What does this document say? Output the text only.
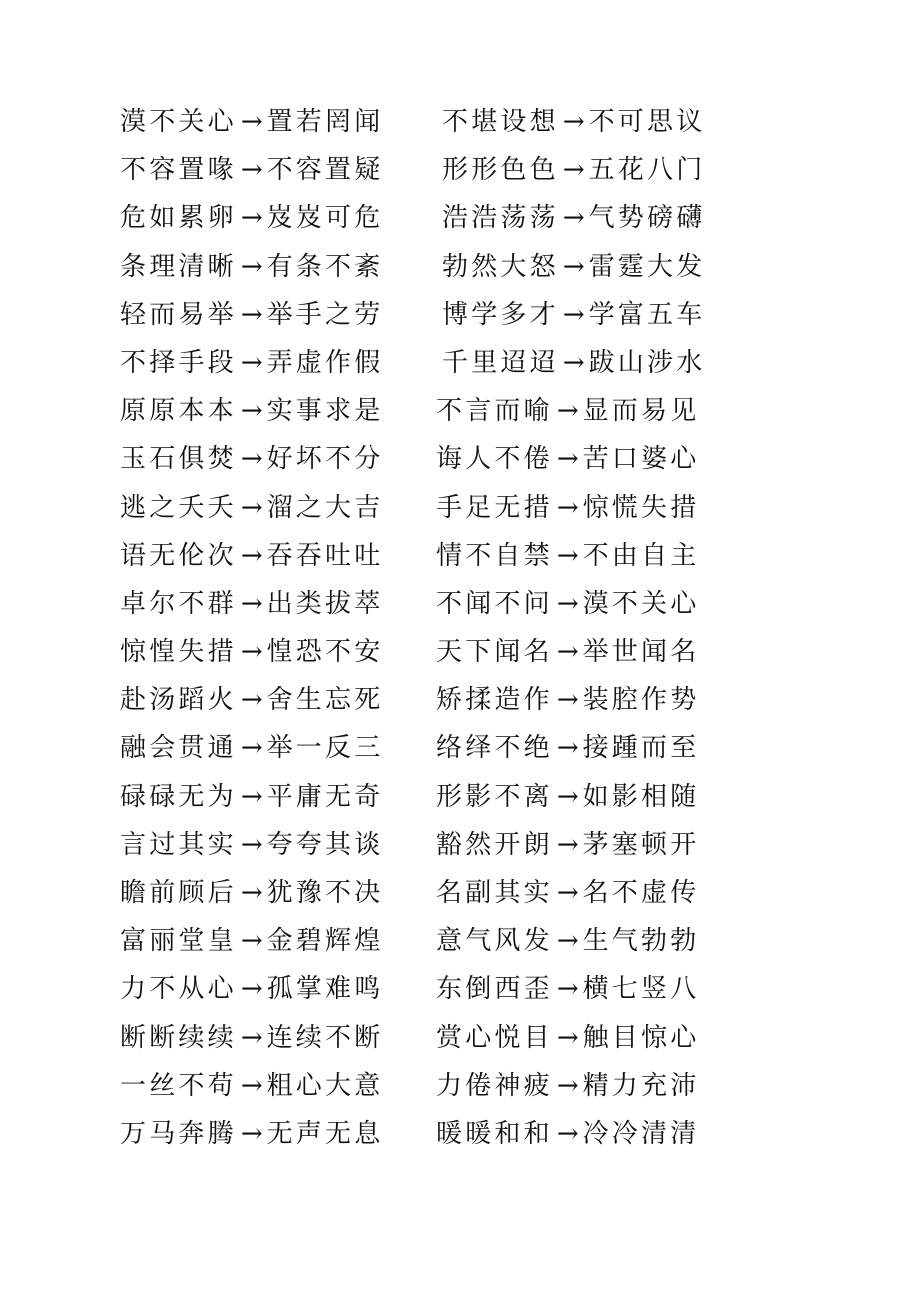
漠不关心 → 置若罔闻 不堪设想 → 不可思议
不容置喙 → 不容置疑 形形色色 → 五花八门
危如累卵 → 岌岌可危 浩浩荡荡 → 气势磅礴
条理清晰 → 有条不紊 勃然大怒 → 雷霆大发
轻而易举 → 举手之劳 博学多才 → 学富五车
不择手段 → 弄虚作假 千里迢迢 → 跋山涉水
原原本本 → 实事求是 不言而喻 → 显而易见
玉石俱焚 → 好坏不分 诲人不倦 → 苦口婆心
逃之夭夭 → 溜之大吉 手足无措 → 惊慌失措
语无伦次 → 吞吞吐吐 情不自禁 → 不由自主
卓尔不群 → 出类拔萃 不闻不问 → 漠不关心
惊惶失措 → 惶恐不安 天下闻名 → 举世闻名
赴汤蹈火 → 舍生忘死 矫揉造作 → 装腔作势
融会贯通 → 举一反三 络绎不绝 → 接踵而至
碌碌无为 → 平庸无奇 形影不离 → 如影相随
言过其实 → 夸夸其谈 豁然开朗 → 茅塞顿开
瞻前顾后 → 犹豫不决 名副其实 → 名不虚传
富丽堂皇 → 金碧辉煌 意气风发 → 生气勃勃
力不从心 → 孤掌难鸣 东倒西歪 → 横七竖八
断断续续 → 连续不断 赏心悦目 → 触目惊心
一丝不苟 → 粗心大意 力倦神疲 → 精力充沛
万马奔腾 → 无声无息 暖暖和和 → 冷冷清清
